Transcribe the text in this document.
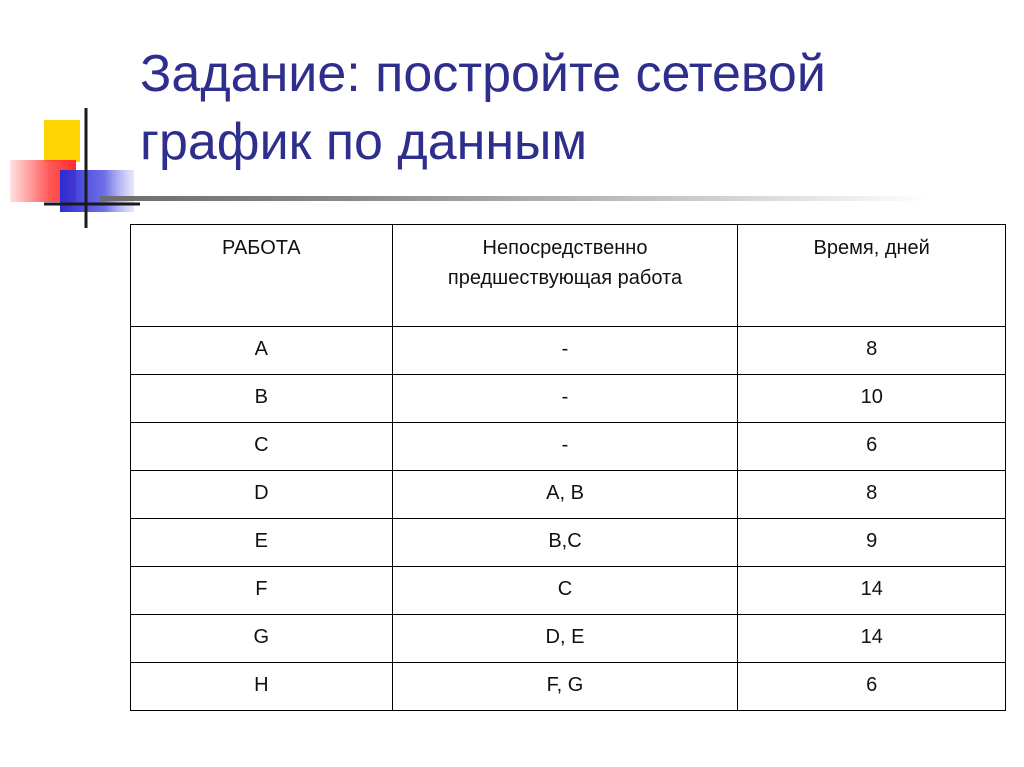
Задание: постройте сетевой
график по данным
РАБОТА	Непосредственно предшествующая работа	Время, дней
A	-	8
B	-	10
C	-	6
D	A, B	8
E	B,C	9
F	C	14
G	D, E	14
H	F, G	6
